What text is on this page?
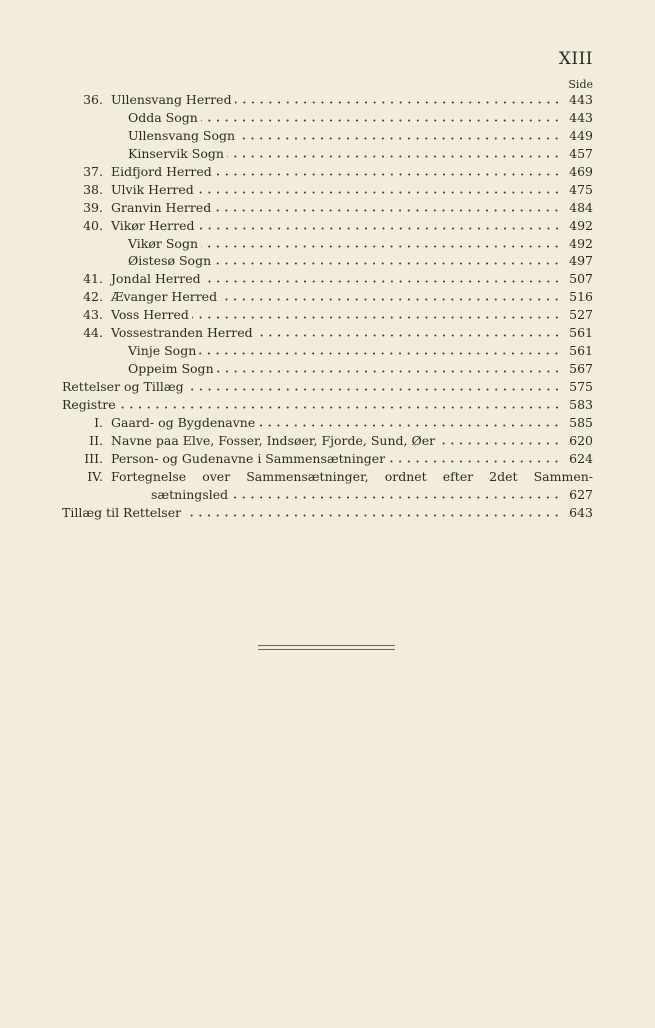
XIII
Side
36. Ullensvang Herred	443
Odda Sogn	443
Ullensvang Sogn	449
Kinservik Sogn	457
37. Eidfjord Herred	469
38. Ulvik Herred	475
39. Granvin Herred	484
40. Vikør Herred	492
Vikør Sogn	492
Øistesø Sogn	497
41. Jondal Herred	507
42. Ævanger Herred	516
43. Voss Herred	527
44. Vossestranden Herred	561
Vinje Sogn	561
Oppeim Sogn	567
Rettelser og Tillæg	575
Registre	583
I. Gaard- og Bygdenavne	585
II. Navne paa Elve, Fosser, Indsøer, Fjorde, Sund, Øer	620
III. Person- og Gudenavne i Sammensætninger	624
IV. Fortegnelse over Sammensætninger, ordnet efter 2det Sammen-
sætningsled	627
Tillæg til Rettelser	643
